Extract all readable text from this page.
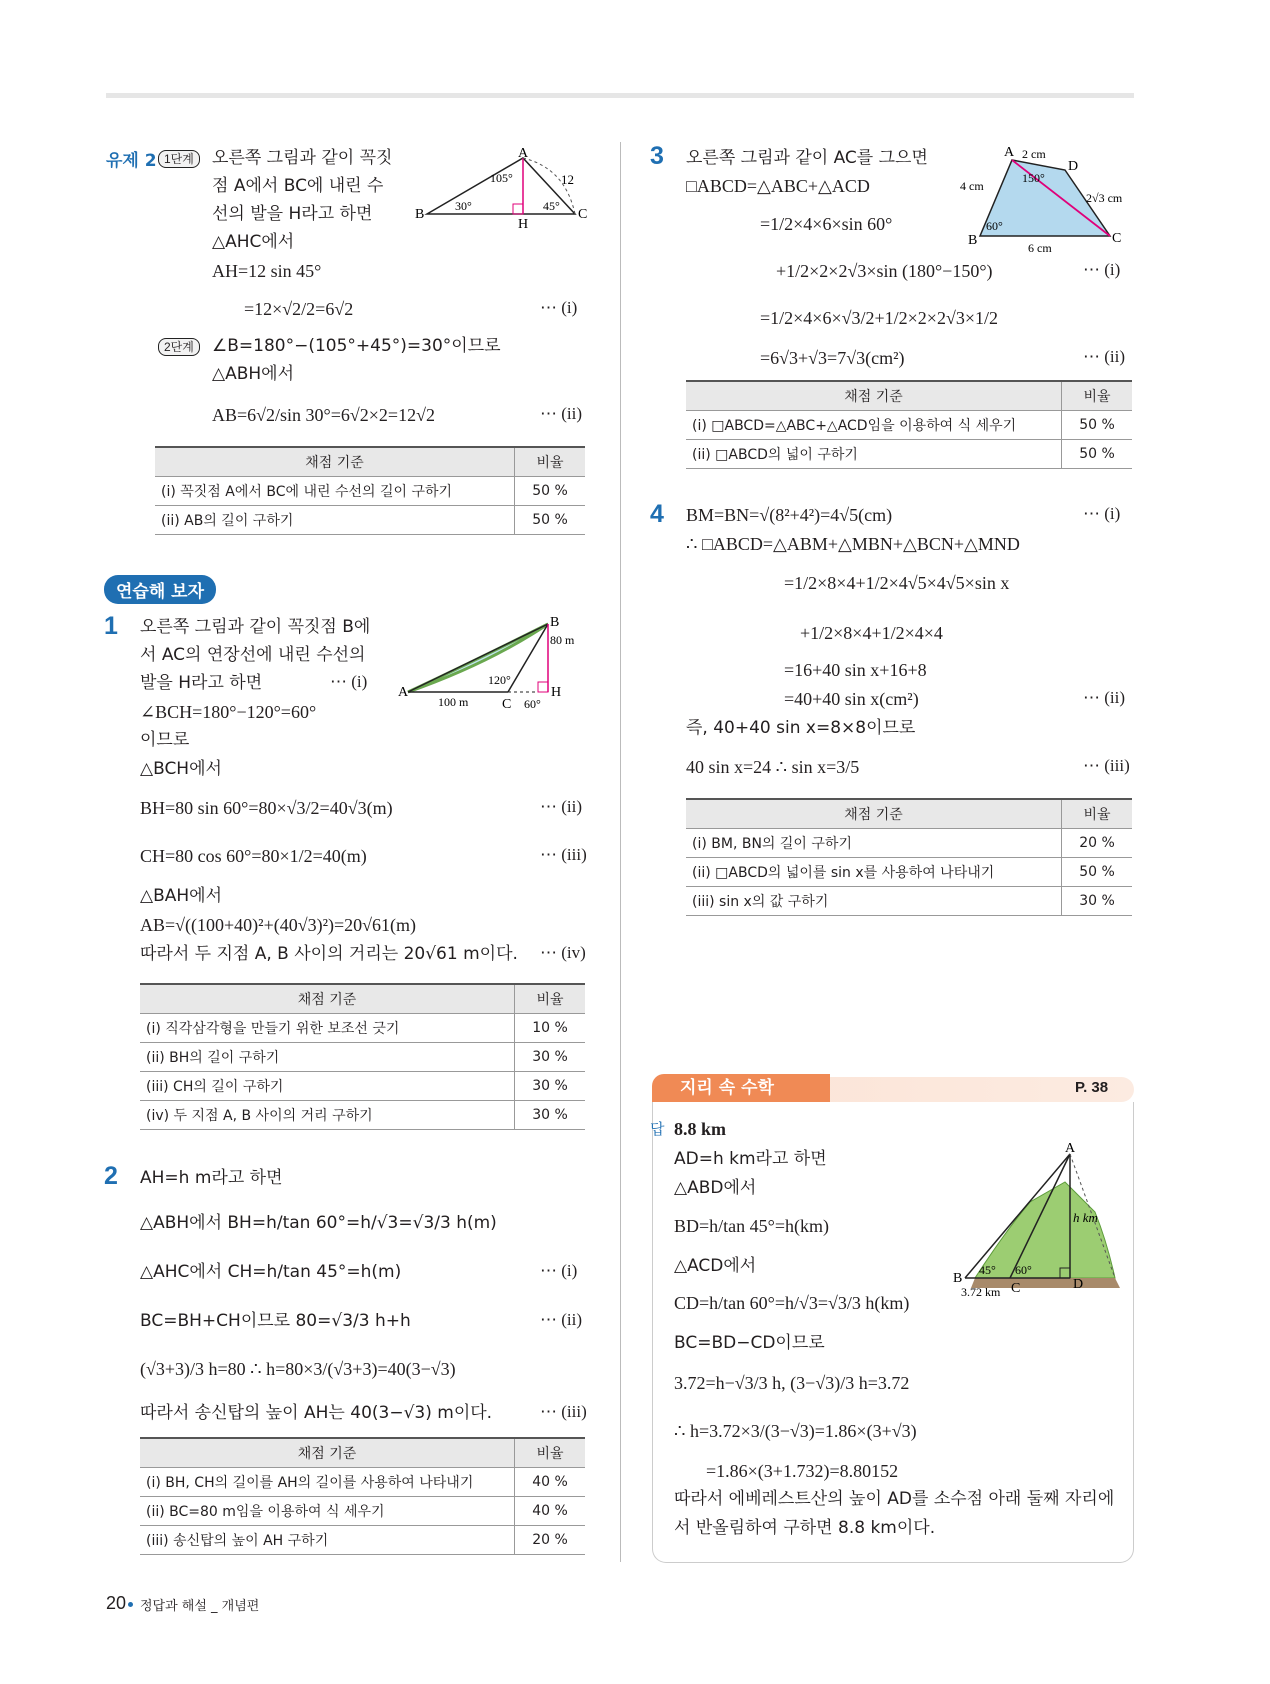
유제 2 1단계	오른쪽 그림과 같이 꼭짓
점 A에서 BC에 내린 수
선의 발을 H라고 하면
△AHC에서
AH=12 sin 45°
=12×√2/2=6√2	⋯ (i)
2단계	∠B=180°−(105°+45°)=30°이므로
△ABH에서
AB=6√2/sin 30°=6√2×2=12√2	⋯ (ii)
A
B	C
H
105°
30°	45°
12
채점 기준	비율
(i) 꼭짓점 A에서 BC에 내린 수선의 길이 구하기	50 %
(ii) AB의 길이 구하기	50 %
연습해 보자
1 오른쪽 그림과 같이 꼭짓점 B에
서 AC의 연장선에 내린 수선의
발을 H라고 하면	⋯ (i)
∠BCH=180°−120°=60°
이므로
△BCH에서
BH=80 sin 60°=80×√3/2=40√3(m)	⋯ (ii)
CH=80 cos 60°=80×1/2=40(m)	⋯ (iii)
△BAH에서
AB=√((100+40)²+(40√3)²)=20√61(m)
따라서 두 지점 A, B 사이의 거리는 20√61 m이다. ⋯ (iv)
A
B
C
H
80 m
100 m
120°
60°
채점 기준	비율
(i) 직각삼각형을 만들기 위한 보조선 긋기	10 %
(ii) BH의 길이 구하기	30 %
(iii) CH의 길이 구하기	30 %
(iv) 두 지점 A, B 사이의 거리 구하기	30 %
2 AH=h m라고 하면
△ABH에서 BH=h/tan 60°=h/√3=√3/3 h(m)
△AHC에서 CH=h/tan 45°=h(m)	⋯ (i)
BC=BH+CH이므로 80=√3/3 h+h	⋯ (ii)
(√3+3)/3 h=80 ∴ h=80×3/(√3+3)=40(3−√3)
따라서 송신탑의 높이 AH는 40(3−√3) m이다.	⋯ (iii)
채점 기준	비율
(i) BH, CH의 길이를 AH의 길이를 사용하여 나타내기	40 %
(ii) BC=80 m임을 이용하여 식 세우기	40 %
(iii) 송신탑의 높이 AH 구하기	20 %
3 오른쪽 그림과 같이 AC를 그으면
□ABCD=△ABC+△ACD
=1/2×4×6×sin 60°
+1/2×2×2√3×sin (180°−150°)	⋯ (i)
=1/2×4×6×√3/2+1/2×2×2√3×1/2
=6√3+√3=7√3(cm²)	⋯ (ii)
A
D
C
B
2 cm
4 cm
2√3 cm
6 cm
60°
150°
채점 기준	비율
(i) □ABCD=△ABC+△ACD임을 이용하여 식 세우기	50 %
(ii) □ABCD의 넓이 구하기	50 %
4 BM=BN=√(8²+4²)=4√5(cm)	⋯ (i)
∴ □ABCD=△ABM+△MBN+△BCN+△MND
=1/2×8×4+1/2×4√5×4√5×sin x
+1/2×8×4+1/2×4×4
=16+40 sin x+16+8
=40+40 sin x(cm²)	⋯ (ii)
즉, 40+40 sin x=8×8이므로
40 sin x=24 ∴ sin x=3/5	⋯ (iii)
채점 기준	비율
(i) BM, BN의 길이 구하기	20 %
(ii) □ABCD의 넓이를 sin x를 사용하여 나타내기	50 %
(iii) sin x의 값 구하기	30 %
지리 속 수학	P. 38
답 8.8 km
AD=h km라고 하면
△ABD에서
BD=h/tan 45°=h(km)
△ACD에서
CD=h/tan 60°=h/√3=√3/3 h(km)
BC=BD−CD이므로
3.72=h−√3/3 h, (3−√3)/3 h=3.72
∴ h=3.72×3/(3−√3)=1.86×(3+√3)
=1.86×(3+1.732)=8.80152
따라서 에베레스트산의 높이 AD를 소수점 아래 둘째 자리에
서 반올림하여 구하면 8.8 km이다.
A
B
C	D
h km
45° 60°
3.72 km
20 정답과 해설 _ 개념편
